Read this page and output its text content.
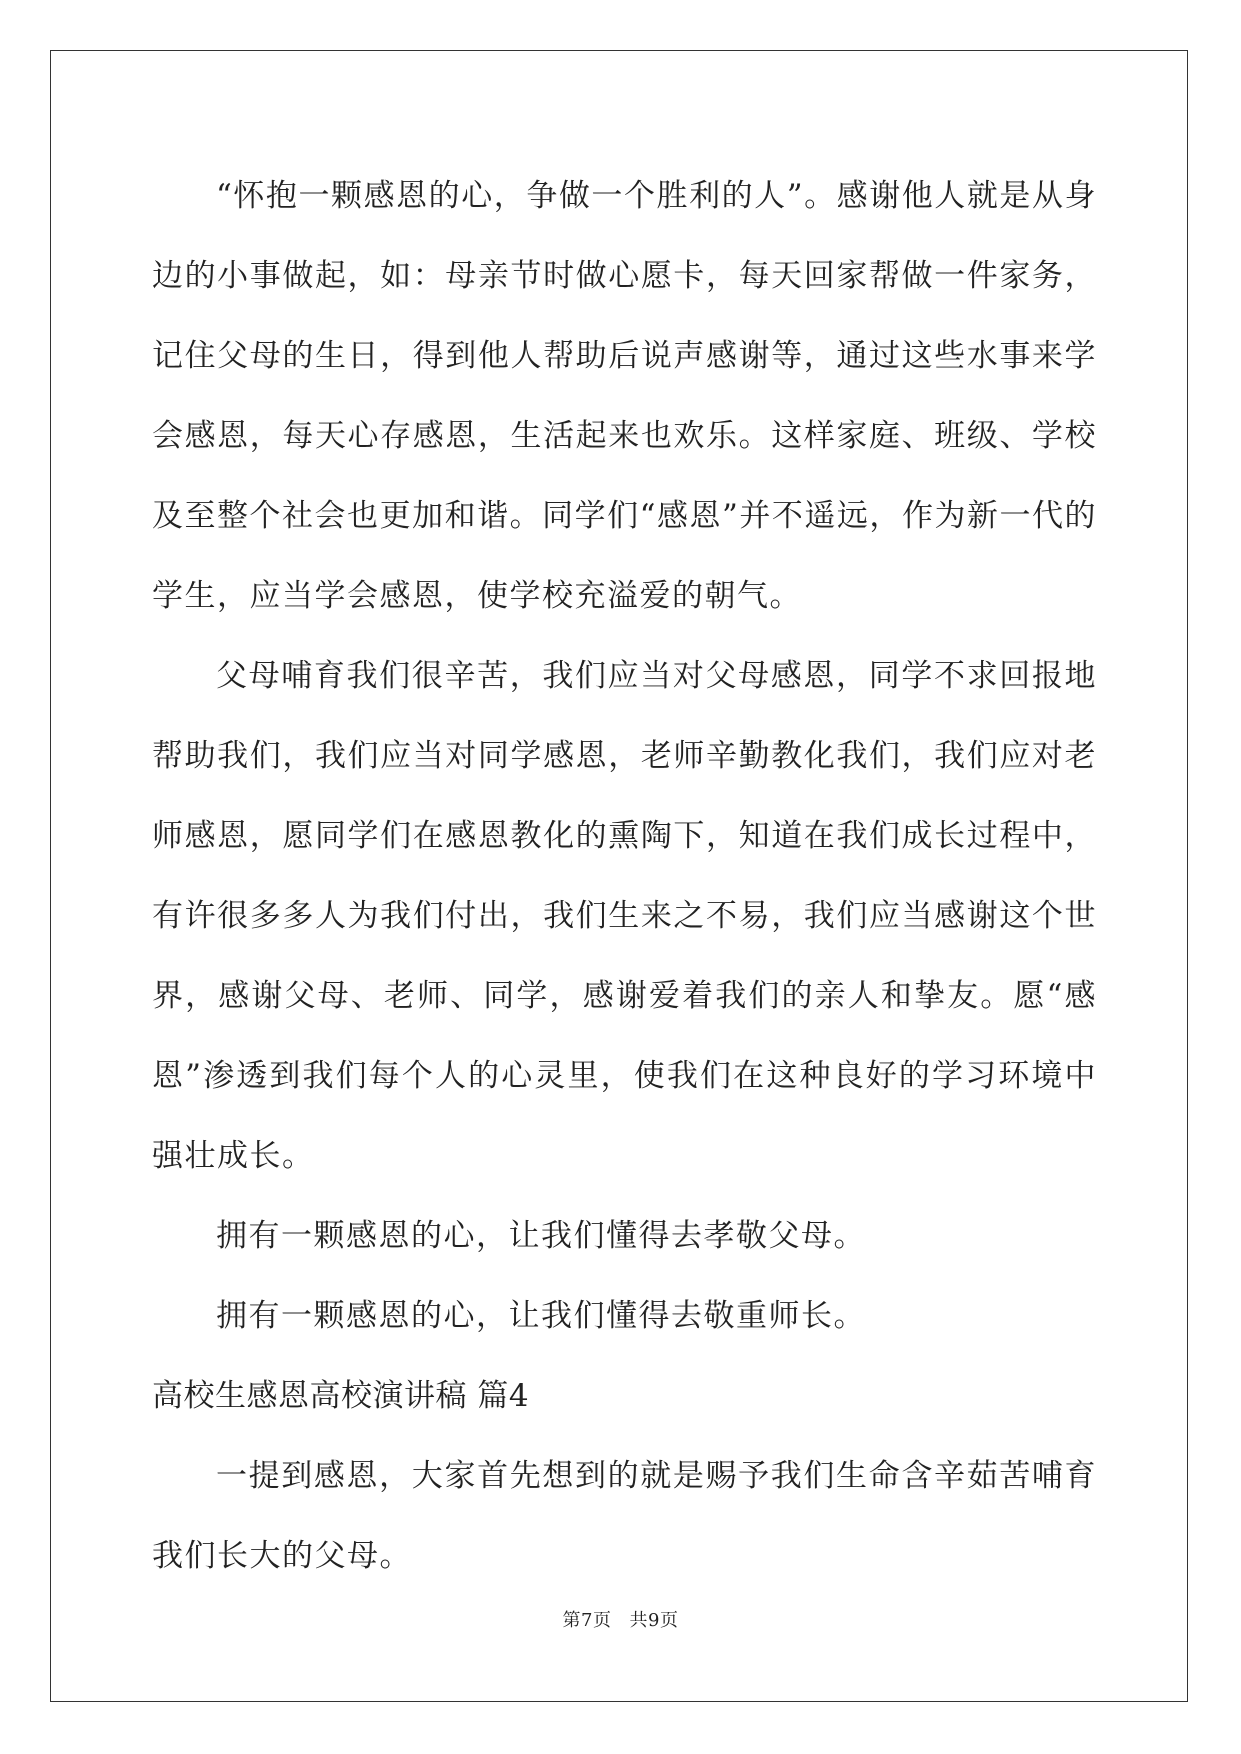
“怀抱一颗感恩的心，争做一个胜利的人”。感谢他人就是从身边的小事做起，如：母亲节时做心愿卡，每天回家帮做一件家务，记住父母的生日，得到他人帮助后说声感谢等，通过这些水事来学会感恩，每天心存感恩，生活起来也欢乐。这样家庭、班级、学校及至整个社会也更加和谐。同学们“感恩”并不遥远，作为新一代的学生，应当学会感恩，使学校充溢爱的朝气。

父母哺育我们很辛苦，我们应当对父母感恩，同学不求回报地帮助我们，我们应当对同学感恩，老师辛勤教化我们，我们应对老师感恩，愿同学们在感恩教化的熏陶下，知道在我们成长过程中，有许很多多人为我们付出，我们生来之不易，我们应当感谢这个世界，感谢父母、老师、同学，感谢爱着我们的亲人和挚友。愿“感恩”渗透到我们每个人的心灵里，使我们在这种良好的学习环境中强壮成长。

拥有一颗感恩的心，让我们懂得去孝敬父母。

拥有一颗感恩的心，让我们懂得去敬重师长。

高校生感恩高校演讲稿 篇4

一提到感恩，大家首先想到的就是赐予我们生命含辛茹苦哺育我们长大的父母。

第7页 共9页
